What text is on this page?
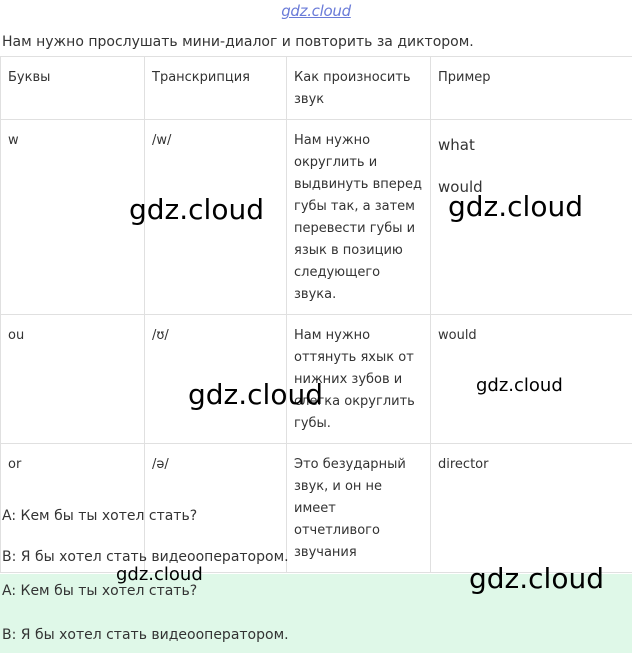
gdz.cloud
Нам нужно прослушать мини-диалог и повторить за диктором.
Буквы	Транскрипция	Как произносить звук	Пример
w	/w/	Нам нужно округлить и выдвинуть вперед губы так, а затем перевести губы и язык в позицию следующего звука.	what
would

ou	/ʊ/	Нам нужно оттянуть яхык от нижних зубов и слегка округлить губы.	would

or	/ə/	Это безударный звук, и он не имеет отчетливого звучания	director
A: Кем бы ты хотел стать?
B: Я бы хотел стать видеооператором.
A: Кем бы ты хотел стать?
B: Я бы хотел стать видеооператором.
gdz.cloud	gdz.cloud
gdz.cloud	gdz.cloud
gdz.cloud	gdz.cloud
